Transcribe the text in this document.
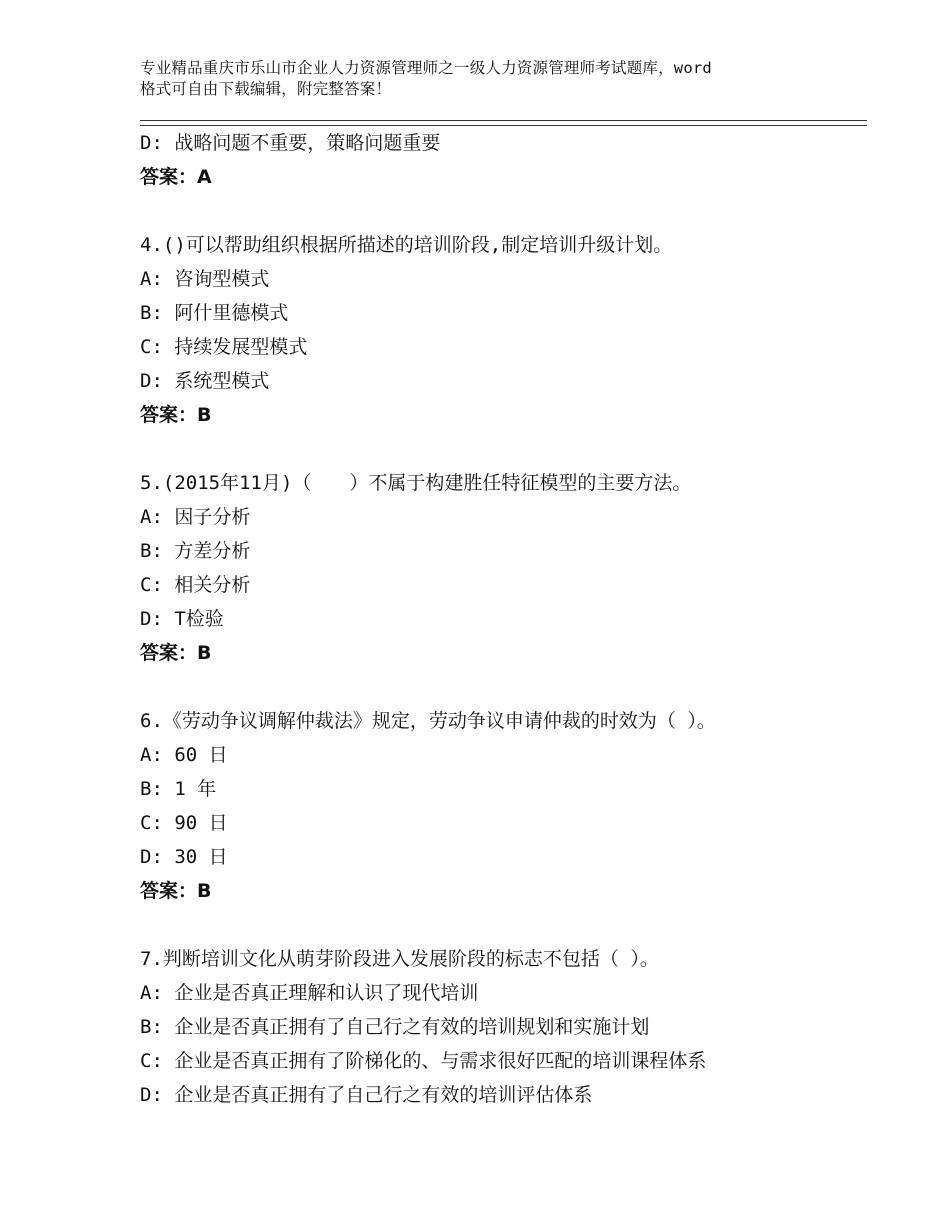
专业精品重庆市乐山市企业人力资源管理师之一级人力资源管理师考试题库，word
格式可自由下载编辑，附完整答案！
D: 战略问题不重要，策略问题重要
答案：A
4.()可以帮助组织根据所描述的培训阶段,制定培训升级计划。
A: 咨询型模式
B: 阿什里德模式
C: 持续发展型模式
D: 系统型模式
答案：B
5.(2015年11月)（　　）不属于构建胜任特征模型的主要方法。
A: 因子分析
B: 方差分析
C: 相关分析
D: T检验
答案：B
6.《劳动争议调解仲裁法》规定，劳动争议申请仲裁的时效为（ ）。
A: 60 日
B: 1 年
C: 90 日
D: 30 日
答案：B
7.判断培训文化从萌芽阶段进入发展阶段的标志不包括（ ）。
A: 企业是否真正理解和认识了现代培训
B: 企业是否真正拥有了自己行之有效的培训规划和实施计划
C: 企业是否真正拥有了阶梯化的、与需求很好匹配的培训课程体系
D: 企业是否真正拥有了自己行之有效的培训评估体系
